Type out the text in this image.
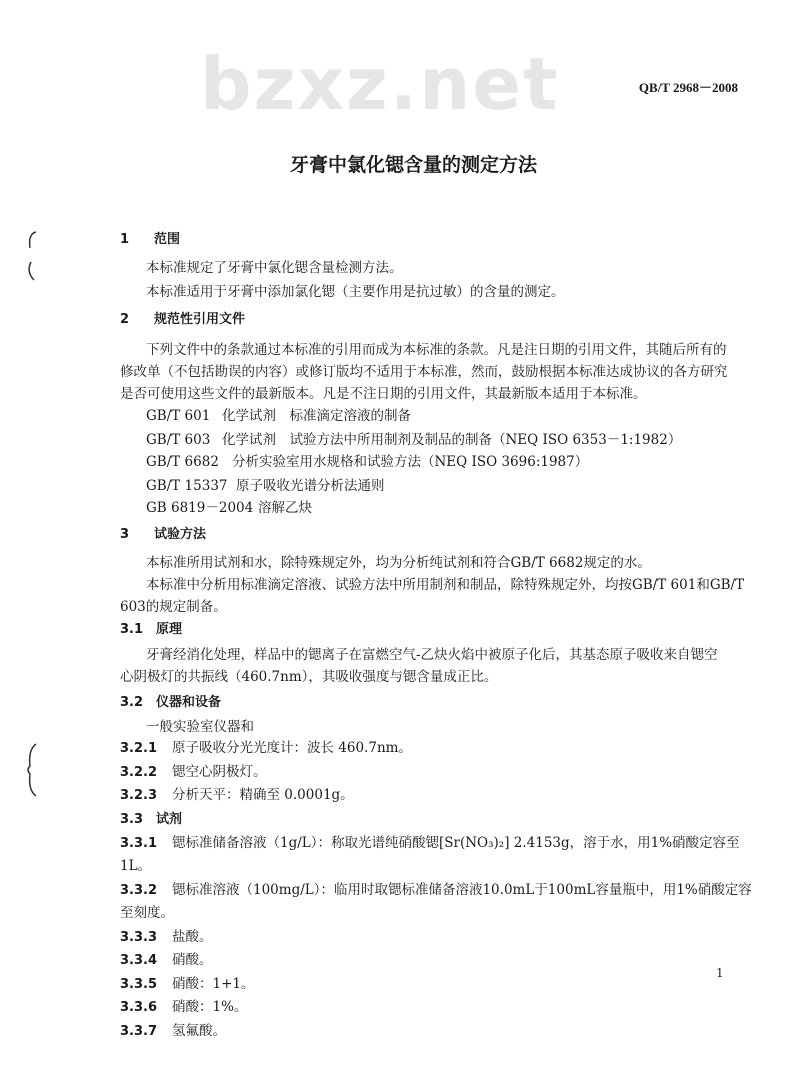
bzxz.net	QB/T 2968－2008
牙膏中氯化锶含量的测定方法
1 范围
本标准规定了牙膏中氯化锶含量检测方法。
本标准适用于牙膏中添加氯化锶（主要作用是抗过敏）的含量的测定。
2 规范性引用文件
下列文件中的条款通过本标准的引用而成为本标准的条款。凡是注日期的引用文件，其随后所有的
修改单（不包括勘误的内容）或修订版均不适用于本标准，然而，鼓励根据本标准达成协议的各方研究
是否可使用这些文件的最新版本。凡是不注日期的引用文件，其最新版本适用于本标准。
GB/T 601 化学试剂　标准滴定溶液的制备
GB/T 603 化学试剂　试验方法中所用制剂及制品的制备（NEQ ISO 6353－1:1982）
GB/T 6682 分析实验室用水规格和试验方法（NEQ ISO 3696:1987）
GB/T 15337 原子吸收光谱分析法通则
GB 6819－2004 溶解乙炔
3 试验方法
本标准所用试剂和水，除特殊规定外，均为分析纯试剂和符合GB/T 6682规定的水。
本标准中分析用标准滴定溶液、试验方法中所用制剂和制品，除特殊规定外，均按GB/T 601和GB/T
603的规定制备。
3.1 原理
牙膏经消化处理，样品中的锶离子在富燃空气-乙炔火焰中被原子化后，其基态原子吸收来自锶空
心阴极灯的共振线（460.7nm），其吸收强度与锶含量成正比。
3.2 仪器和设备
一般实验室仪器和
3.2.1 原子吸收分光光度计：波长 460.7nm。
3.2.2 锶空心阴极灯。
3.2.3 分析天平：精确至 0.0001g。
3.3 试剂
3.3.1 锶标准储备溶液（1g/L）：称取光谱纯硝酸锶[Sr(NO₃)₂] 2.4153g，溶于水，用1%硝酸定容至
1L。
3.3.2 锶标准溶液（100mg/L）：临用时取锶标准储备溶液10.0mL于100mL容量瓶中，用1%硝酸定容
至刻度。
3.3.3 盐酸。
3.3.4 硝酸。
3.3.5 硝酸：1+1。
3.3.6 硝酸：1%。
3.3.7 氢氟酸。
1
